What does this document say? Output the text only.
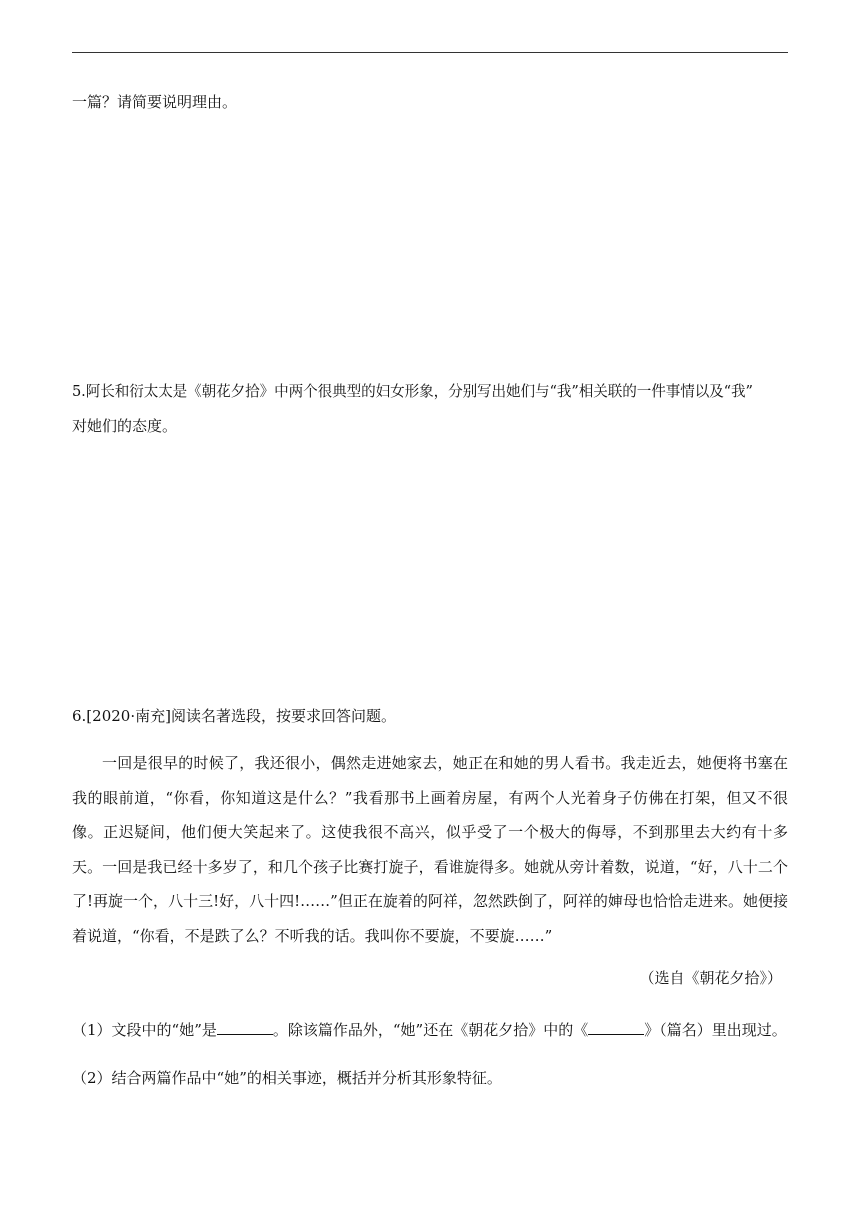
一篇？请简要说明理由。
5.阿长和衍太太是《朝花夕拾》中两个很典型的妇女形象，分别写出她们与“我”相关联的一件事情以及“我”
对她们的态度。
6.[2020·南充]阅读名著选段，按要求回答问题。
一回是很早的时候了，我还很小，偶然走进她家去，她正在和她的男人看书。我走近去，她便将书塞在我的眼前道，“你看，你知道这是什么？”我看那书上画着房屋，有两个人光着身子仿佛在打架，但又不很像。正迟疑间，他们便大笑起来了。这使我很不高兴，似乎受了一个极大的侮辱，不到那里去大约有十多天。一回是我已经十多岁了，和几个孩子比赛打旋子，看谁旋得多。她就从旁计着数，说道，“好，八十二个了!再旋一个，八十三!好，八十四!……”但正在旋着的阿祥，忽然跌倒了，阿祥的婶母也恰恰走进来。她便接着说道，“你看，不是跌了么？不听我的话。我叫你不要旋，不要旋……”
（选自《朝花夕拾》）
（1）文段中的“她”是	。除该篇作品外，“她”还在《朝花夕拾》中的《	》（篇名）里出现过。
（2）结合两篇作品中“她”的相关事迹，概括并分析其形象特征。
